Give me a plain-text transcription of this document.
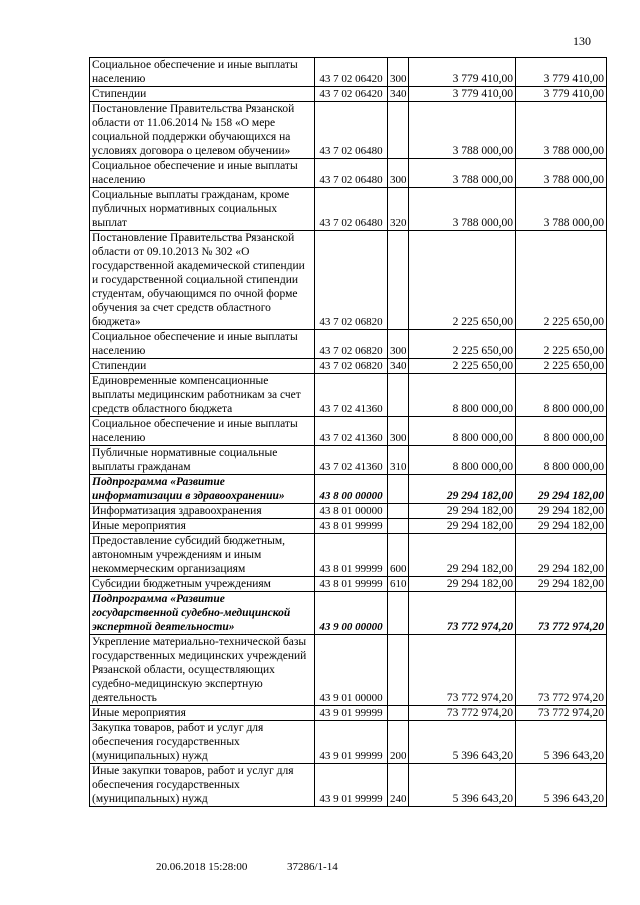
130
Социальное обеспечение и иные выплаты населению	43 7 02 06420	300	3 779 410,00	3 779 410,00
Стипендии	43 7 02 06420	340	3 779 410,00	3 779 410,00
Постановление Правительства Рязанской области от 11.06.2014 № 158 «О мере социальной поддержки обучающихся на условиях договора о целевом обучении»	43 7 02 06480		3 788 000,00	3 788 000,00
Социальное обеспечение и иные выплаты населению	43 7 02 06480	300	3 788 000,00	3 788 000,00
Социальные выплаты гражданам, кроме публичных нормативных социальных выплат	43 7 02 06480	320	3 788 000,00	3 788 000,00
Постановление Правительства Рязанской области от 09.10.2013 № 302 «О государственной академической стипендии и государственной социальной стипендии студентам, обучающимся по очной форме обучения за счет средств областного бюджета»	43 7 02 06820		2 225 650,00	2 225 650,00
Социальное обеспечение и иные выплаты населению	43 7 02 06820	300	2 225 650,00	2 225 650,00
Стипендии	43 7 02 06820	340	2 225 650,00	2 225 650,00
Единовременные компенсационные выплаты медицинским работникам за счет средств областного бюджета	43 7 02 41360		8 800 000,00	8 800 000,00
Социальное обеспечение и иные выплаты населению	43 7 02 41360	300	8 800 000,00	8 800 000,00
Публичные нормативные социальные выплаты гражданам	43 7 02 41360	310	8 800 000,00	8 800 000,00
Подпрограмма «Развитие информатизации в здравоохранении»	43 8 00 00000		29 294 182,00	29 294 182,00
Информатизация здравоохранения	43 8 01 00000		29 294 182,00	29 294 182,00
Иные мероприятия	43 8 01 99999		29 294 182,00	29 294 182,00
Предоставление субсидий бюджетным, автономным учреждениям и иным некоммерческим организациям	43 8 01 99999	600	29 294 182,00	29 294 182,00
Субсидии бюджетным учреждениям	43 8 01 99999	610	29 294 182,00	29 294 182,00
Подпрограмма «Развитие государственной судебно-медицинской экспертной деятельности»	43 9 00 00000		73 772 974,20	73 772 974,20
Укрепление материально-технической базы государственных медицинских учреждений Рязанской области, осуществляющих судебно-медицинскую экспертную деятельность	43 9 01 00000		73 772 974,20	73 772 974,20
Иные мероприятия	43 9 01 99999		73 772 974,20	73 772 974,20
Закупка товаров, работ и услуг для обеспечения государственных (муниципальных) нужд	43 9 01 99999	200	5 396 643,20	5 396 643,20
Иные закупки товаров, работ и услуг для обеспечения государственных (муниципальных) нужд	43 9 01 99999	240	5 396 643,20	5 396 643,20
20.06.2018 15:28:00	37286/1-14
